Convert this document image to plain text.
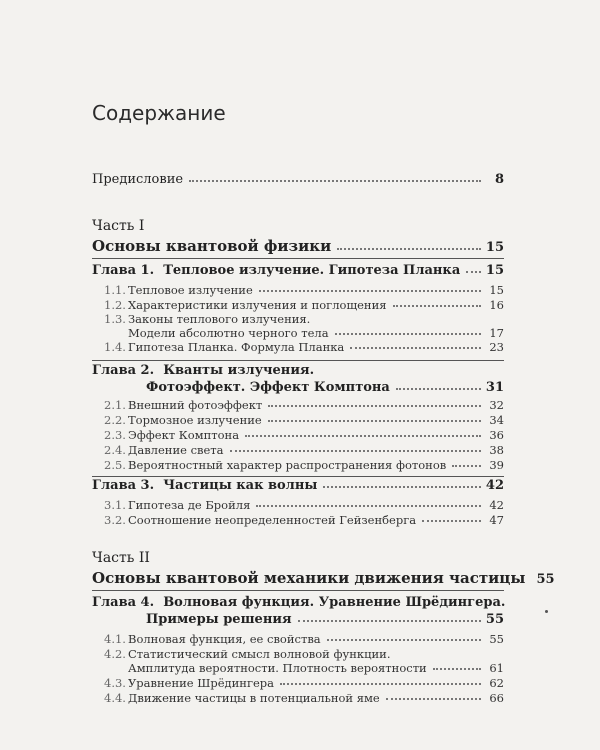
Содержание
Предисловие	8
Часть I
Основы квантовой физики	15
Глава 1. Тепловое излучение. Гипотеза Планка 15
1.1. Тепловое излучение	15
1.2. Характеристики излучения и поглощения	16
1.3. Законы теплового излучения.
Модели абсолютно черного тела	17
1.4. Гипотеза Планка. Формула Планка	23
Глава 2. Кванты излучения.
Фотоэффект. Эффект Комптона	31
2.1. Внешний фотоэффект	32
2.2. Тормозное излучение	34
2.3. Эффект Комптона	36
2.4. Давление света	38
2.5. Вероятностный характер распространения фотонов	39
Глава 3. Частицы как волны	42
3.1. Гипотеза де Бройля	42
3.2. Соотношение неопределенностей Гейзенберга	47
Часть II
Основы квантовой механики движения частицы 55
Глава 4. Волновая функция. Уравнение Шрёдингера.
Примеры решения	55
4.1. Волновая функция, ее свойства	55
4.2. Статистический смысл волновой функции.
Амплитуда вероятности. Плотность вероятности	61
4.3. Уравнение Шрёдингера	62
4.4. Движение частицы в потенциальной яме	66
